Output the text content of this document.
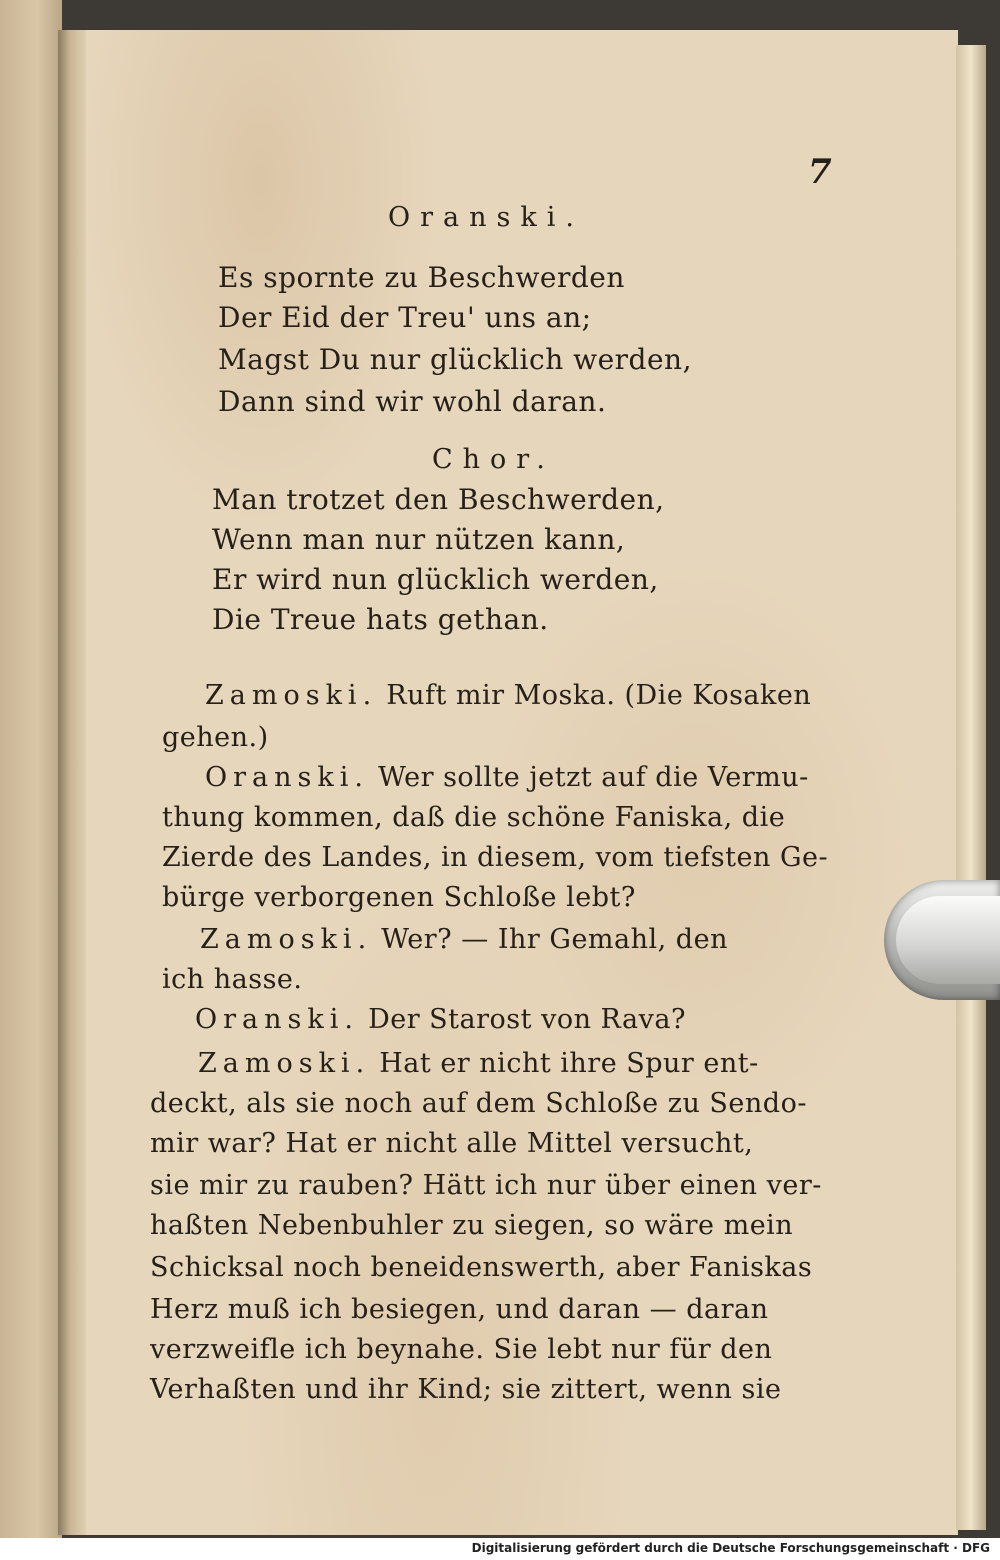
7
Oranski.
Es spornte zu Beschwerden
Der Eid der Treu' uns an;
Magst Du nur glücklich werden,
Dann sind wir wohl daran.
Chor.
Man trotzet den Beschwerden,
Wenn man nur nützen kann,
Er wird nun glücklich werden,
Die Treue hats gethan.
Zamoski. Ruft mir Moska. (Die Kosaken
gehen.)
Oranski. Wer sollte jetzt auf die Vermu-
thung kommen, daß die schöne Faniska, die
Zierde des Landes, in diesem, vom tiefsten Ge-
bürge verborgenen Schloße lebt?
Zamoski. Wer? — Ihr Gemahl, den
ich hasse.
Oranski. Der Starost von Rava?
Zamoski. Hat er nicht ihre Spur ent-
deckt, als sie noch auf dem Schloße zu Sendo-
mir war? Hat er nicht alle Mittel versucht,
sie mir zu rauben? Hätt ich nur über einen ver-
haßten Nebenbuhler zu siegen, so wäre mein
Schicksal noch beneidenswerth, aber Faniskas
Herz muß ich besiegen, und daran — daran
verzweifle ich beynahe. Sie lebt nur für den
Verhaßten und ihr Kind; sie zittert, wenn sie
Digitalisierung gefördert durch die Deutsche Forschungsgemeinschaft · DFG
